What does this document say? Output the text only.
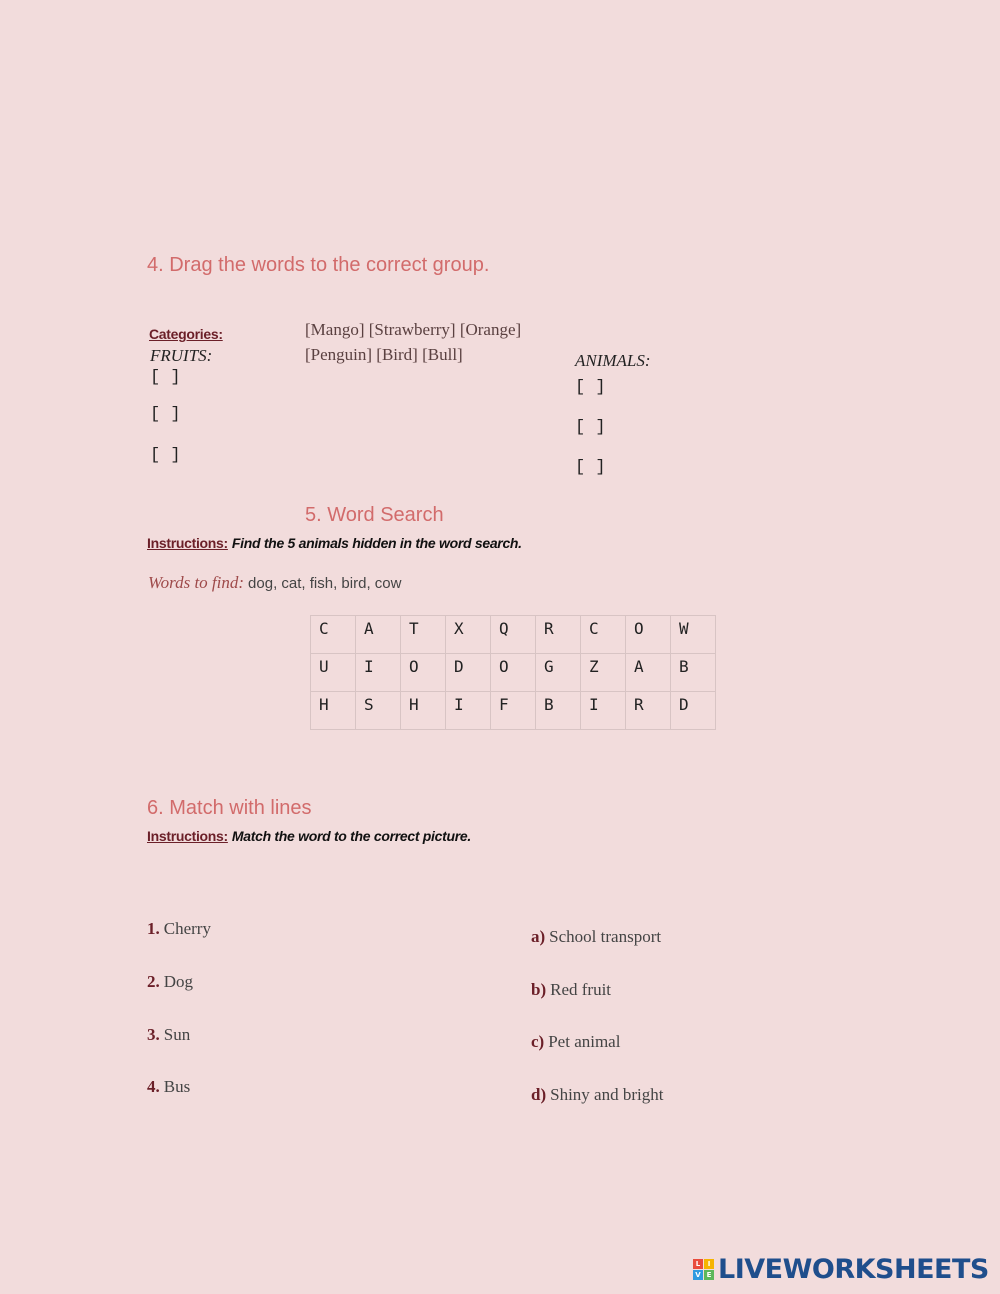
4. Drag the words to the correct group.
Categories:
FRUITS:
[ ]
[ ]
[ ]
[Mango] [Strawberry] [Orange]
[Penguin] [Bird] [Bull]	ANIMALS:
[ ]
[ ]
[ ]
5. Word Search
Instructions: Find the 5 animals hidden in the word search.
Words to find: dog, cat, fish, bird, cow
C	A	T	X	Q	R	C	O	W
U	I	O	D	O	G	Z	A	B
H	S	H	I	F	B	I	R	D
6. Match with lines
Instructions: Match the word to the correct picture.
1. Cherry
2. Dog
3. Sun
4. Bus
a) School transport
b) Red fruit
c) Pet animal
d) Shiny and bright
L	I
V E LIVEWORKSHEETS
